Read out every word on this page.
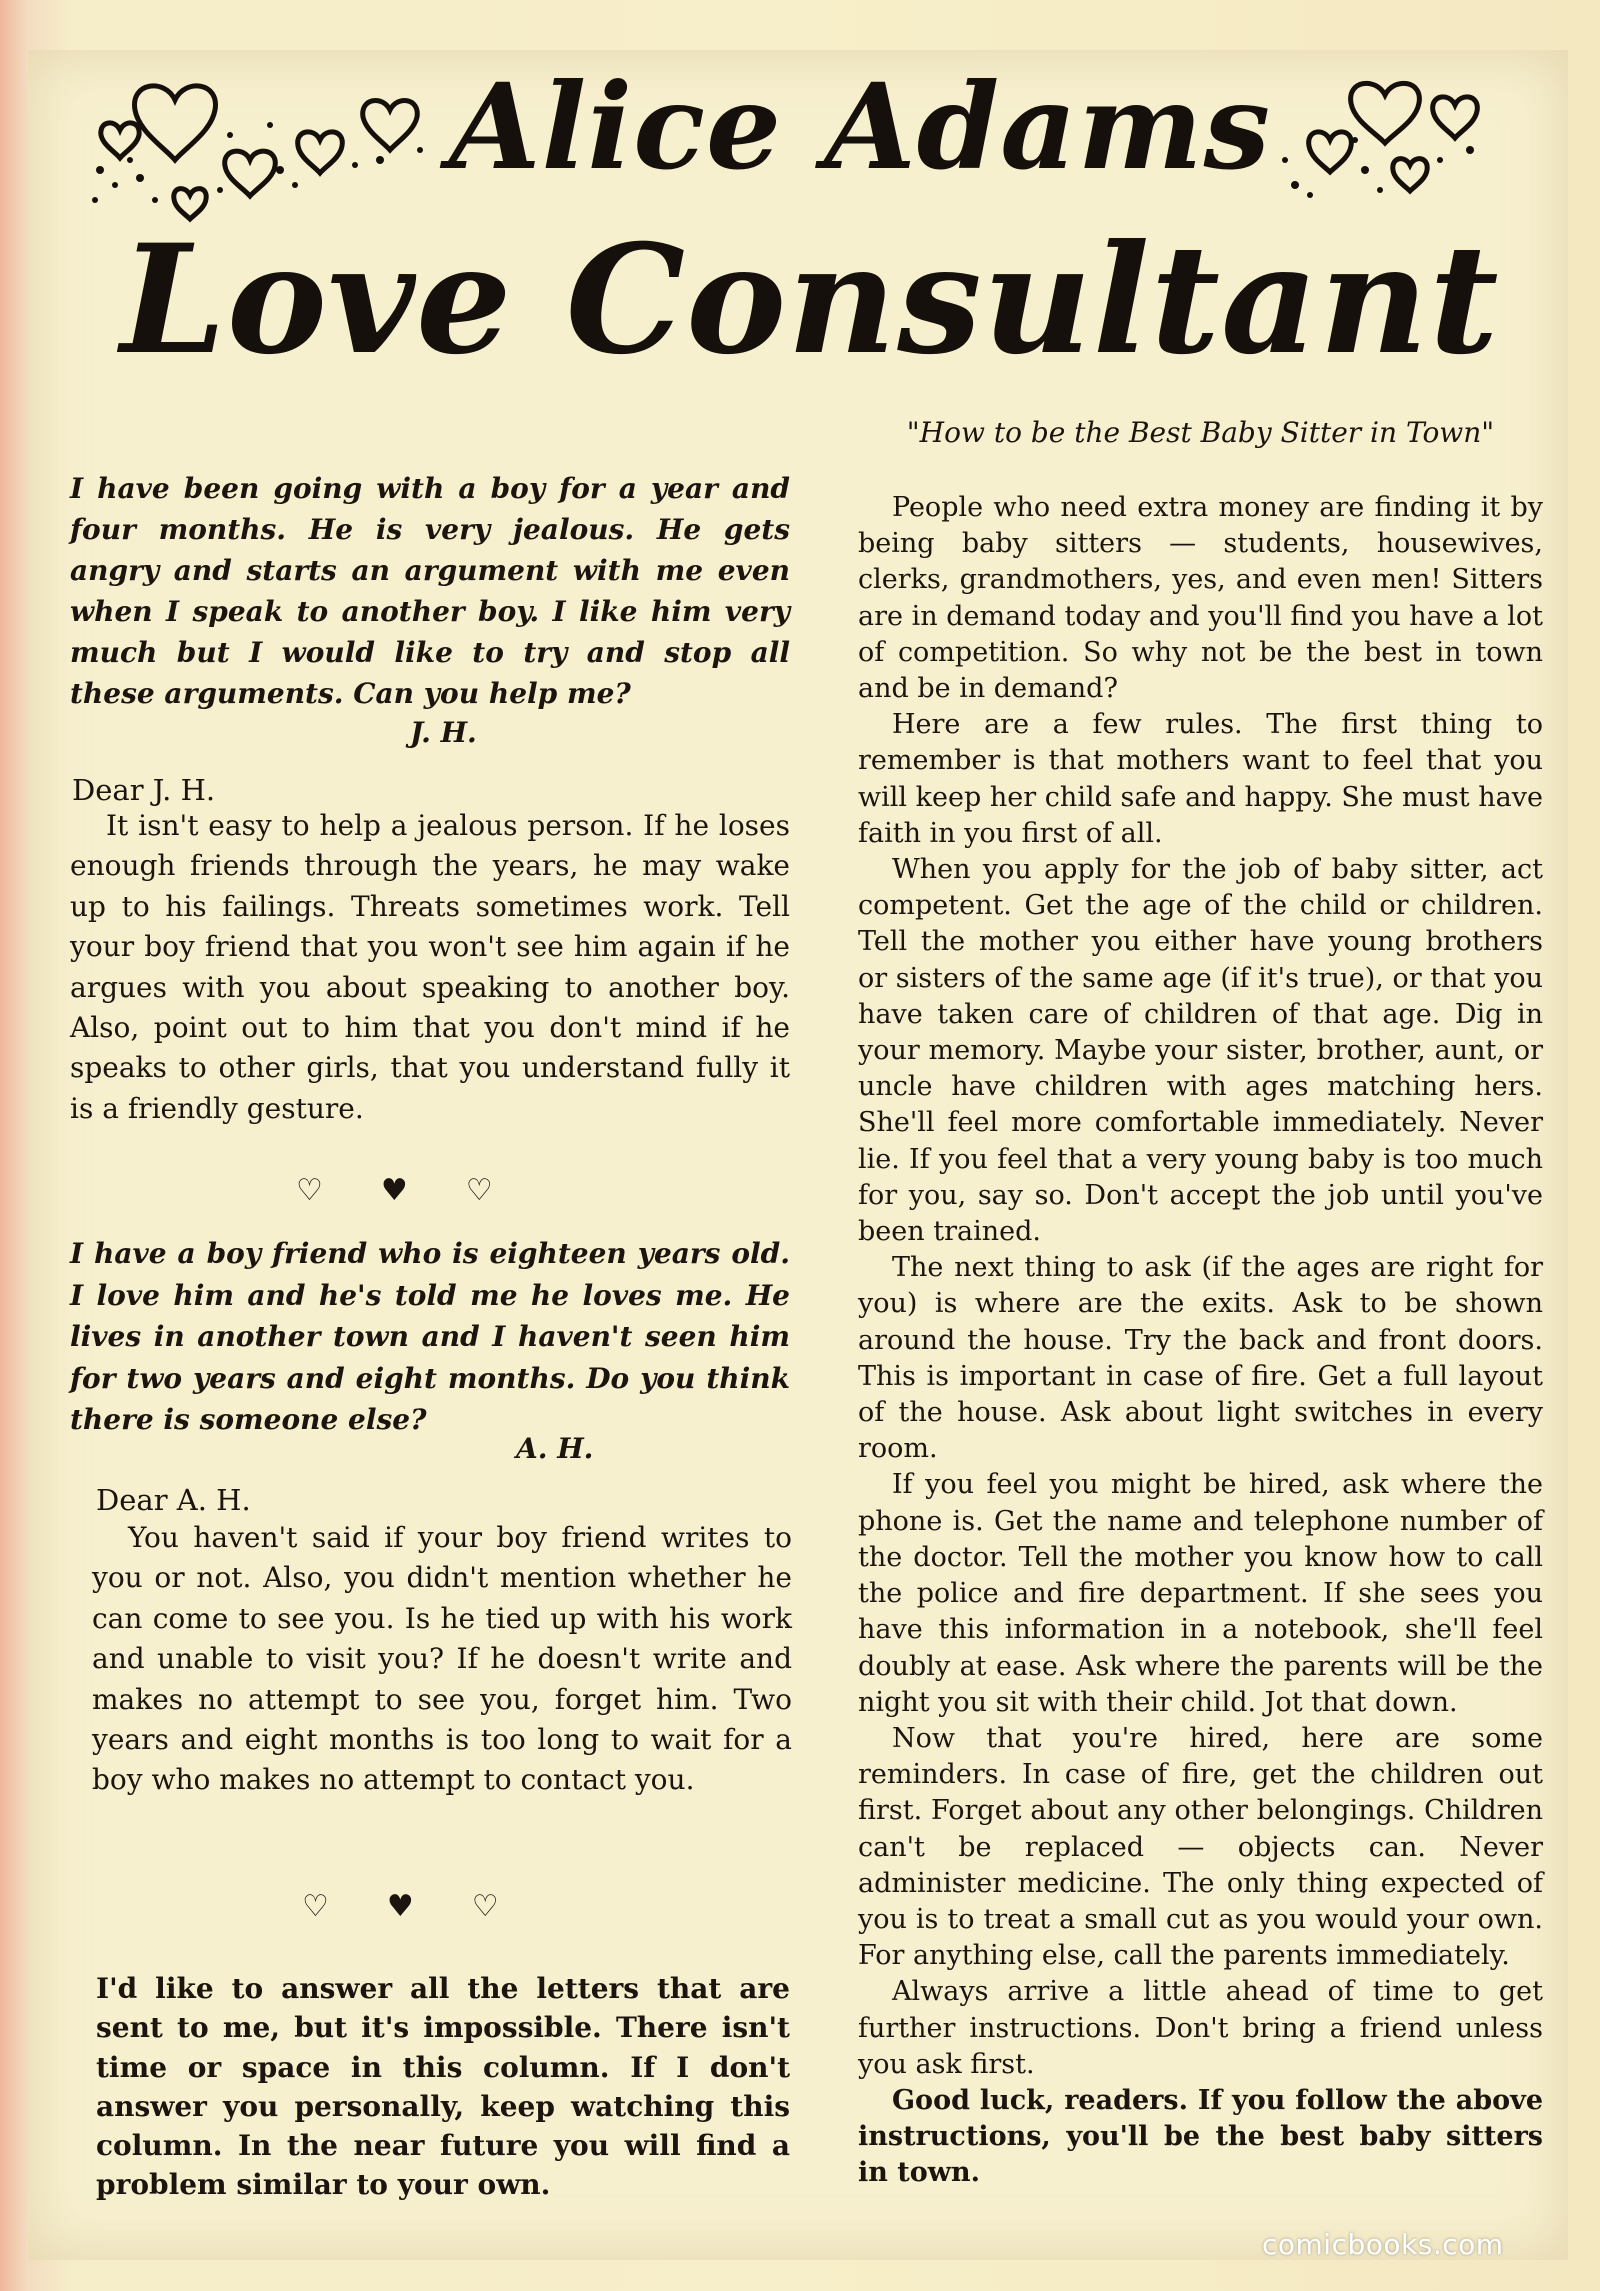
Alice Adams
Love Consultant
I have been going with a boy for a year and four months. He is very jealous. He gets angry and starts an argument with me even when I speak to another boy. I like him very much but I would like to try and stop all these arguments. Can you help me?
J. H.
Dear J. H.
It isn't easy to help a jealous person. If he loses enough friends through the years, he may wake up to his failings. Threats sometimes work. Tell your boy friend that you won't see him again if he argues with you about speaking to another boy. Also, point out to him that you don't mind if he speaks to other girls, that you understand fully it is a friendly gesture.
♡♥♡
I have a boy friend who is eighteen years old. I love him and he's told me he loves me. He lives in another town and I haven't seen him for two years and eight months. Do you think there is someone else?
A. H.
Dear A. H.
You haven't said if your boy friend writes to you or not. Also, you didn't mention whether he can come to see you. Is he tied up with his work and unable to visit you? If he doesn't write and makes no attempt to see you, forget him. Two years and eight months is too long to wait for a boy who makes no attempt to contact you.
♡♥♡
I'd like to answer all the letters that are sent to me, but it's impossible. There isn't time or space in this column. If I don't answer you personally, keep watching this column. In the near future you will find a problem similar to your own.
"How to be the Best Baby Sitter in Town"

People who need extra money are finding it by being baby sitters — students, housewives, clerks, grandmothers, yes, and even men! Sitters are in demand today and you'll find you have a lot of competition. So why not be the best in town and be in demand?

Here are a few rules. The first thing to remember is that mothers want to feel that you will keep her child safe and happy. She must have faith in you first of all.

When you apply for the job of baby sitter, act competent. Get the age of the child or children. Tell the mother you either have young brothers or sisters of the same age (if it's true), or that you have taken care of children of that age. Dig in your memory. Maybe your sister, brother, aunt, or uncle have children with ages matching hers. She'll feel more comfortable immediately. Never lie. If you feel that a very young baby is too much for you, say so. Don't accept the job until you've been trained.

The next thing to ask (if the ages are right for you) is where are the exits. Ask to be shown around the house. Try the back and front doors. This is important in case of fire. Get a full layout of the house. Ask about light switches in every room.

If you feel you might be hired, ask where the phone is. Get the name and telephone number of the doctor. Tell the mother you know how to call the police and fire department. If she sees you have this information in a notebook, she'll feel doubly at ease. Ask where the parents will be the night you sit with their child. Jot that down.

Now that you're hired, here are some reminders. In case of fire, get the children out first. Forget about any other belongings. Children can't be replaced — objects can. Never administer medicine. The only thing expected of you is to treat a small cut as you would your own. For anything else, call the parents immediately.

Always arrive a little ahead of time to get further instructions. Don't bring a friend unless you ask first.

Good luck, readers. If you follow the above instructions, you'll be the best baby sitters in town.

comicbooks.com
